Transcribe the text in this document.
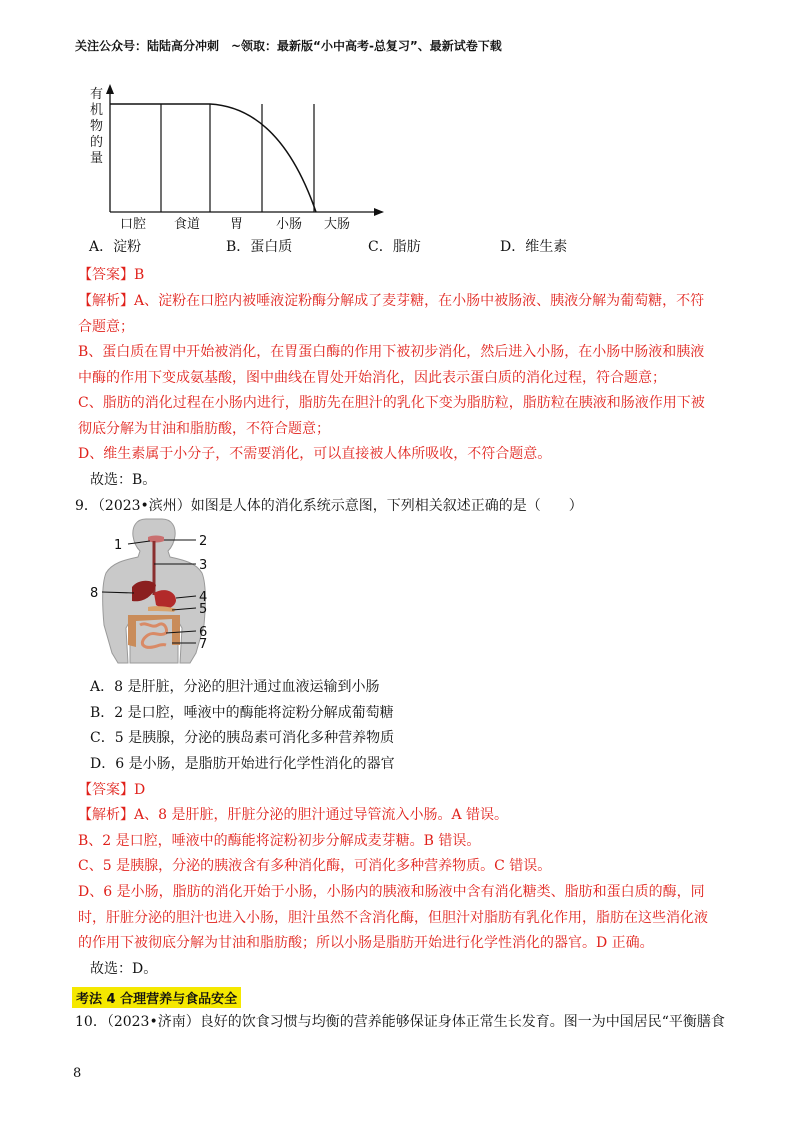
关注公众号：陆陆高分冲刺　~领取：最新版“小中高考-总复习”、最新试卷下载
有
机
物
的
量
口腔 食道 胃	小肠 大肠
A．淀粉	B．蛋白质	C．脂肪	D．维生素
【答案】B
【解析】A、淀粉在口腔内被唾液淀粉酶分解成了麦芽糖，在小肠中被肠液、胰液分解为葡萄糖，不符
合题意；
B、蛋白质在胃中开始被消化，在胃蛋白酶的作用下被初步消化，然后进入小肠，在小肠中肠液和胰液
中酶的作用下变成氨基酸，图中曲线在胃处开始消化，因此表示蛋白质的消化过程，符合题意；
C、脂肪的消化过程在小肠内进行，脂肪先在胆汁的乳化下变为脂肪粒，脂肪粒在胰液和肠液作用下被
彻底分解为甘油和脂肪酸，不符合题意；
D、维生素属于小分子，不需要消化，可以直接被人体所吸收，不符合题意。
故选：B。
9．（2023•滨州）如图是人体的消化系统示意图，下列相关叙述正确的是（　　）
1	2
3
4
5
6
7
8
A．8 是肝脏，分泌的胆汁通过血液运输到小肠
B．2 是口腔，唾液中的酶能将淀粉分解成葡萄糖
C．5 是胰腺，分泌的胰岛素可消化多种营养物质
D．6 是小肠，是脂肪开始进行化学性消化的器官
【答案】D
【解析】A、8 是肝脏，肝脏分泌的胆汁通过导管流入小肠。A 错误。
B、2 是口腔，唾液中的酶能将淀粉初步分解成麦芽糖。B 错误。
C、5 是胰腺，分泌的胰液含有多种消化酶，可消化多种营养物质。C 错误。
D、6 是小肠，脂肪的消化开始于小肠，小肠内的胰液和肠液中含有消化糖类、脂肪和蛋白质的酶，同
时，肝脏分泌的胆汁也进入小肠，胆汁虽然不含消化酶，但胆汁对脂肪有乳化作用，脂肪在这些消化液
的作用下被彻底分解为甘油和脂肪酸；所以小肠是脂肪开始进行化学性消化的器官。D 正确。
故选：D。
考法 4 合理营养与食品安全
10．（2023•济南）良好的饮食习惯与均衡的营养能够保证身体正常生长发育。图一为中国居民“平衡膳食
8
